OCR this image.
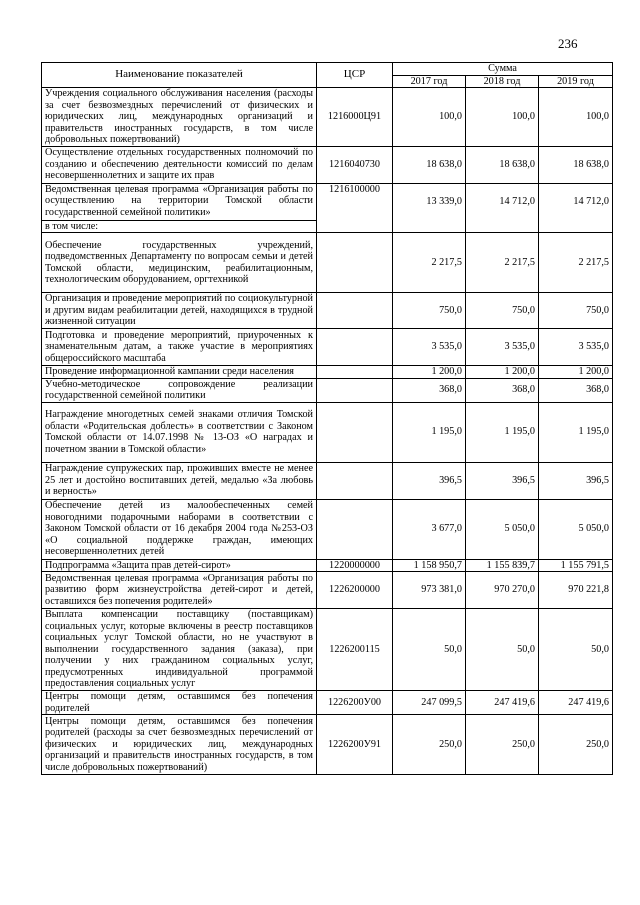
236
Наименование показателей	ЦСР	Сумма		
		2017 год	2018 год	2019 год
Учреждения социального обслуживания населения (расходы за счет безвозмездных перечислений от физических и юридических лиц, международных организаций и правительств иностранных государств, в том числе добровольных пожертвований)	1216000Ц91	100,0	100,0	100,0
Осуществление отдельных государственных полномочий по созданию и обеспечению деятельности комиссий по делам несовершеннолетних и защите их прав	1216040730	18 638,0	18 638,0	18 638,0
Ведомственная целевая программа «Организация работы по осуществлению на территории Томской области государственной семейной политики»	1216100000	13 339,0	14 712,0	14 712,0
в том числе:				
Обеспечение государственных учреждений, подведомственных Департаменту по вопросам семьи и детей Томской области, медицинским, реабилитационным, технологическим оборудованием, оргтехникой		2 217,5	2 217,5	2 217,5
Организация и проведение мероприятий по социокультурной и другим видам реабилитации детей, находящихся в трудной жизненной ситуации		750,0	750,0	750,0
Подготовка и проведение мероприятий, приуроченных к знаменательным датам, а также участие в мероприятиях общероссийского масштаба		3 535,0	3 535,0	3 535,0
Проведение информационной кампании среди населения		1 200,0	1 200,0	1 200,0
Учебно-методическое сопровождение реализации государственной семейной политики		368,0	368,0	368,0
Награждение многодетных семей знаками отличия Томской области «Родительская доблесть» в соответствии с Законом Томской области от 14.07.1998 № 13-ОЗ «О наградах и почетном звании в Томской области»		1 195,0	1 195,0	1 195,0
Награждение супружеских пар, проживших вместе не менее 25 лет и достойно воспитавших детей, медалью «За любовь и верность»		396,5	396,5	396,5
Обеспечение детей из малообеспеченных семей новогодними подарочными наборами в соответствии с Законом Томской области от 16 декабря 2004 года №253-ОЗ «О социальной поддержке граждан, имеющих несовершеннолетних детей		3 677,0	5 050,0	5 050,0
Подпрограмма «Защита прав детей-сирот»	1220000000	1 158 950,7	1 155 839,7	1 155 791,5
Ведомственная целевая программа «Организация работы по развитию форм жизнеустройства детей-сирот и детей, оставшихся без попечения родителей»	1226200000	973 381,0	970 270,0	970 221,8
Выплата компенсации поставщику (поставщикам) социальных услуг, которые включены в реестр поставщиков социальных услуг Томской области, но не участвуют в выполнении государственного задания (заказа), при получении у них гражданином социальных услуг, предусмотренных индивидуальной программой предоставления социальных услуг	1226200115	50,0	50,0	50,0
Центры помощи детям, оставшимся без попечения родителей	1226200У00	247 099,5	247 419,6	247 419,6
Центры помощи детям, оставшимся без попечения родителей (расходы за счет безвозмездных перечислений от физических и юридических лиц, международных организаций и правительств иностранных государств, в том числе добровольных пожертвований)	1226200У91	250,0	250,0	250,0
